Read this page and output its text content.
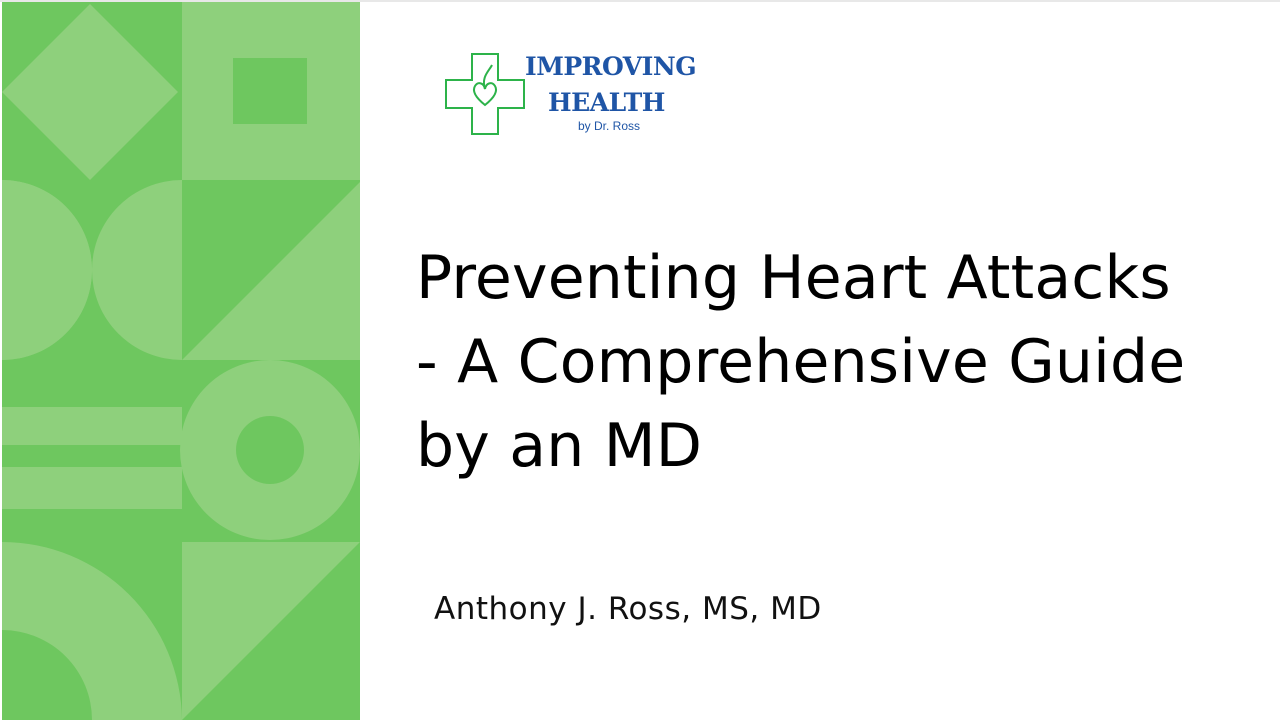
IMPROVING
HEALTH
by Dr. Ross
Preventing Heart Attacks
- A Comprehensive Guide
by an MD
Anthony J. Ross, MS, MD
